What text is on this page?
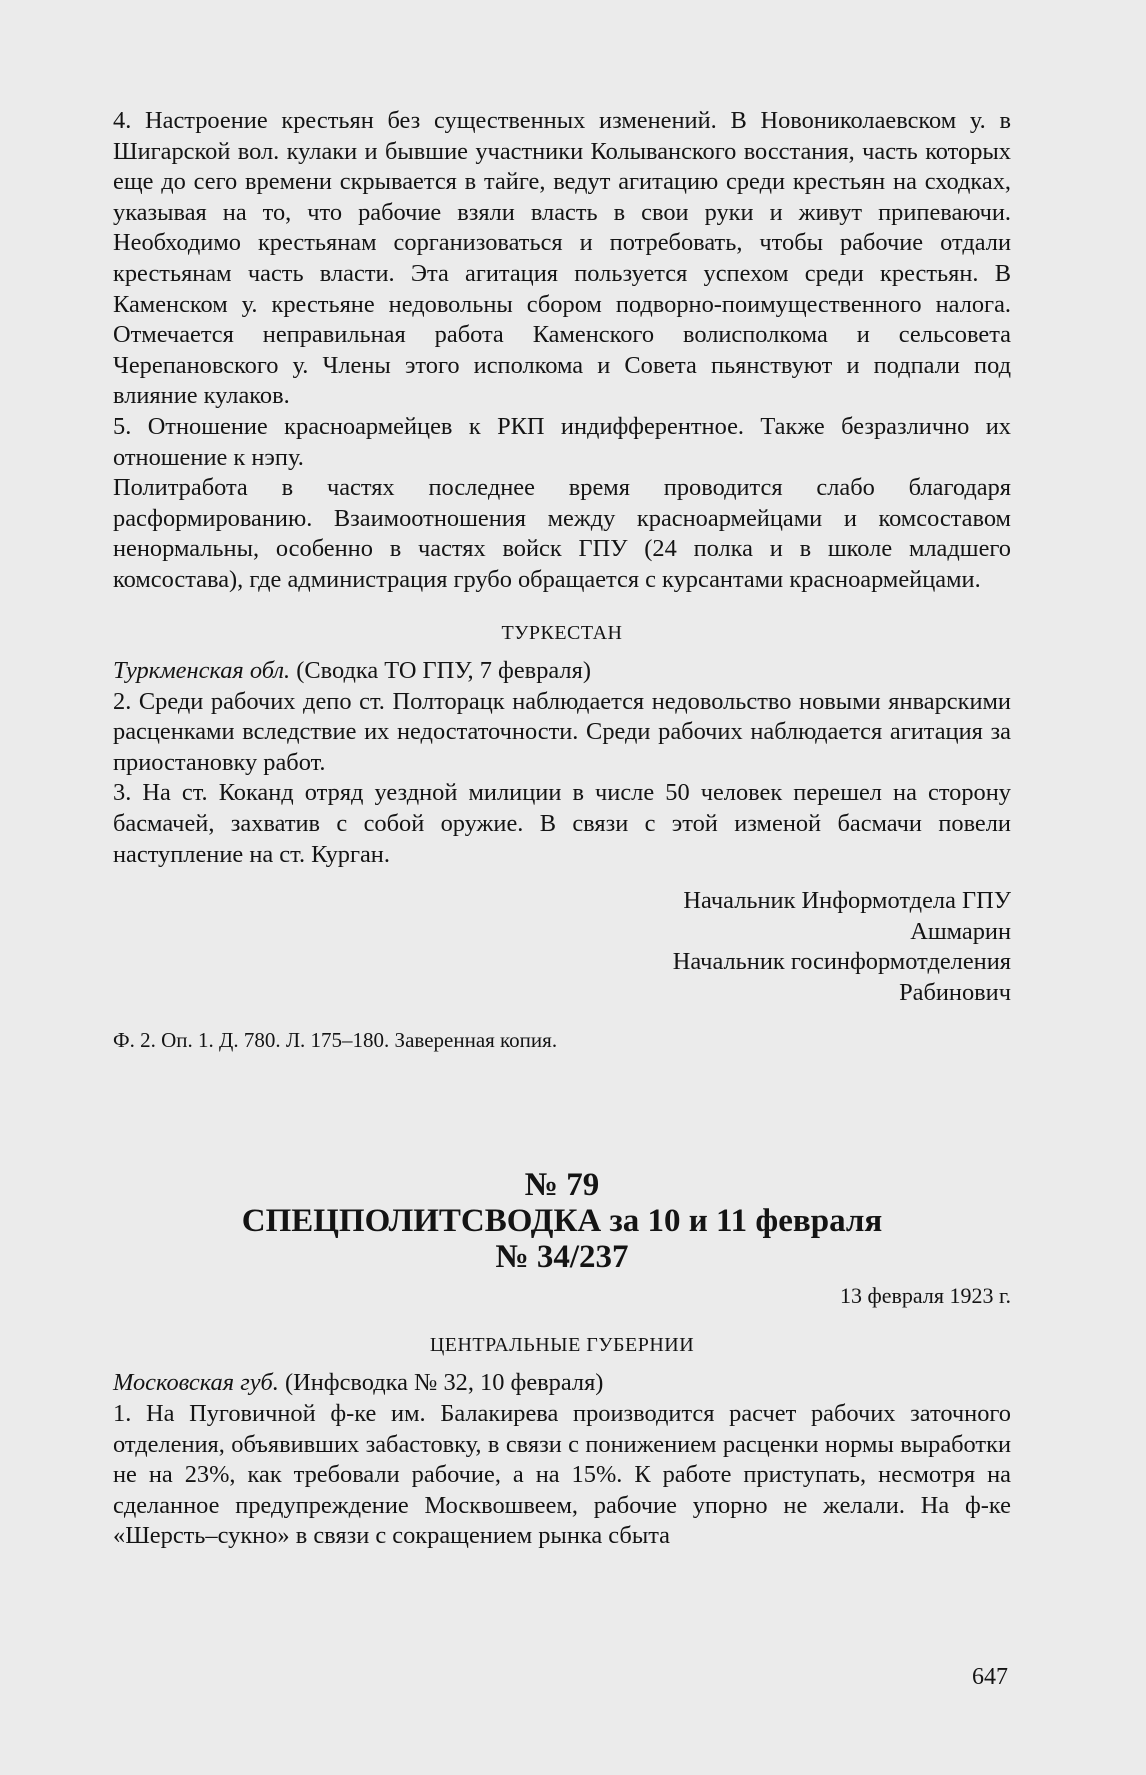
4. Настроение крестьян без существенных изменений. В Новониколаевском у. в Шигарской вол. кулаки и бывшие участники Колыванского восстания, часть которых еще до сего времени скрывается в тайге, ведут агитацию среди крестьян на сходках, указывая на то, что рабочие взяли власть в свои руки и живут припеваючи. Необходимо крестьянам сорганизоваться и потребовать, чтобы рабочие отдали крестьянам часть власти. Эта агитация пользуется успехом среди крестьян. В Каменском у. крестьяне недовольны сбором подворно-поимущественного налога. Отмечается неправильная работа Каменского волисполкома и сельсовета Черепановского у. Члены этого исполкома и Совета пьянствуют и подпали под влияние кулаков.

5. Отношение красноармейцев к РКП индифферентное. Также безразлично их отношение к нэпу.

Политработа в частях последнее время проводится слабо благодаря расформированию. Взаимоотношения между красноармейцами и комсоставом ненормальны, особенно в частях войск ГПУ (24 полка и в школе младшего комсостава), где администрация грубо обращается с курсантами красноармейцами.

ТУРКЕСТАН

Туркменская обл. (Сводка ТО ГПУ, 7 февраля)

2. Среди рабочих депо ст. Полторацк наблюдается недовольство новыми январскими расценками вследствие их недостаточности. Среди рабочих наблюдается агитация за приостановку работ.

3. На ст. Коканд отряд уездной милиции в числе 50 человек перешел на сторону басмачей, захватив с собой оружие. В связи с этой изменой басмачи повели наступление на ст. Курган.

Начальник Информотдела ГПУ

Ашмарин

Начальник госинформотделения

Рабинович

Ф. 2. Оп. 1. Д. 780. Л. 175–180. Заверенная копия.

№ 79

СПЕЦПОЛИТСВОДКА за 10 и 11 февраля

№ 34/237

13 февраля 1923 г.

ЦЕНТРАЛЬНЫЕ ГУБЕРНИИ

Московская губ. (Инфсводка № 32, 10 февраля)

1. На Пуговичной ф-ке им. Балакирева производится расчет рабочих заточного отделения, объявивших забастовку, в связи с понижением расценки нормы выработки не на 23%, как требовали рабочие, а на 15%. К работе приступать, несмотря на сделанное предупреждение Москвошвеем, рабочие упорно не желали. На ф-ке «Шерсть–сукно» в связи с сокращением рынка сбыта

647
